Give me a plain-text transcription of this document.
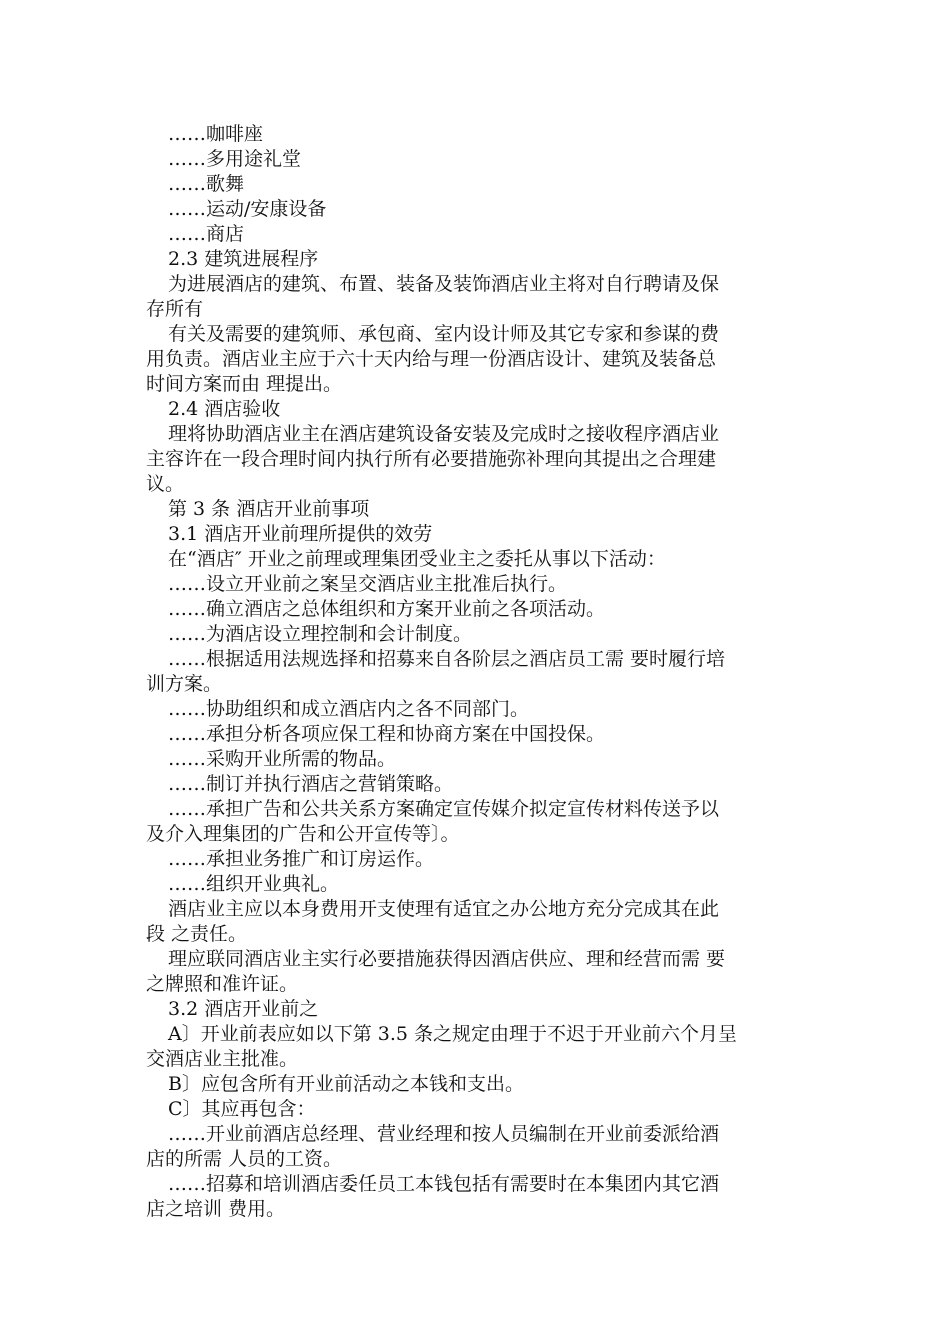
……咖啡座
……多用途礼堂
……歌舞
……运动/安康设备
……商店
2.3 建筑进展程序
为进展酒店的建筑、布置、装备及装饰酒店业主将对自行聘请及保
存所有
有关及需要的建筑师、承包商、室内设计师及其它专家和参谋的费
用负责。酒店业主应于六十天内给与理一份酒店设计、建筑及装备总
时间方案而由 理提出。
2.4 酒店验收
理将协助酒店业主在酒店建筑设备安装及完成时之接收程序酒店业
主容许在一段合理时间内执行所有必要措施弥补理向其提出之合理建
议。
第 3 条 酒店开业前事项
3.1 酒店开业前理所提供的效劳
在“酒店″ 开业之前理或理集团受业主之委托从事以下活动：
……设立开业前之案呈交酒店业主批准后执行。
……确立酒店之总体组织和方案开业前之各项活动。
……为酒店设立理控制和会计制度。
……根据适用法规选择和招募来自各阶层之酒店员工需 要时履行培
训方案。
……协助组织和成立酒店内之各不同部门。
……承担分析各项应保工程和协商方案在中国投保。
……采购开业所需的物品。
……制订并执行酒店之营销策略。
……承担广告和公共关系方案确定宣传媒介拟定宣传材料传送予以
及介入理集团的广告和公开宣传等〕。
……承担业务推广和订房运作。
……组织开业典礼。
酒店业主应以本身费用开支使理有适宜之办公地方充分完成其在此
段 之责任。
理应联同酒店业主实行必要措施获得因酒店供应、理和经营而需 要
之牌照和准许证。
3.2 酒店开业前之
A〕开业前表应如以下第 3.5 条之规定由理于不迟于开业前六个月呈
交酒店业主批准。
B〕应包含所有开业前活动之本钱和支出。
C〕其应再包含：
……开业前酒店总经理、营业经理和按人员编制在开业前委派给酒
店的所需 人员的工资。
……招募和培训酒店委任员工本钱包括有需要时在本集团内其它酒
店之培训 费用。
